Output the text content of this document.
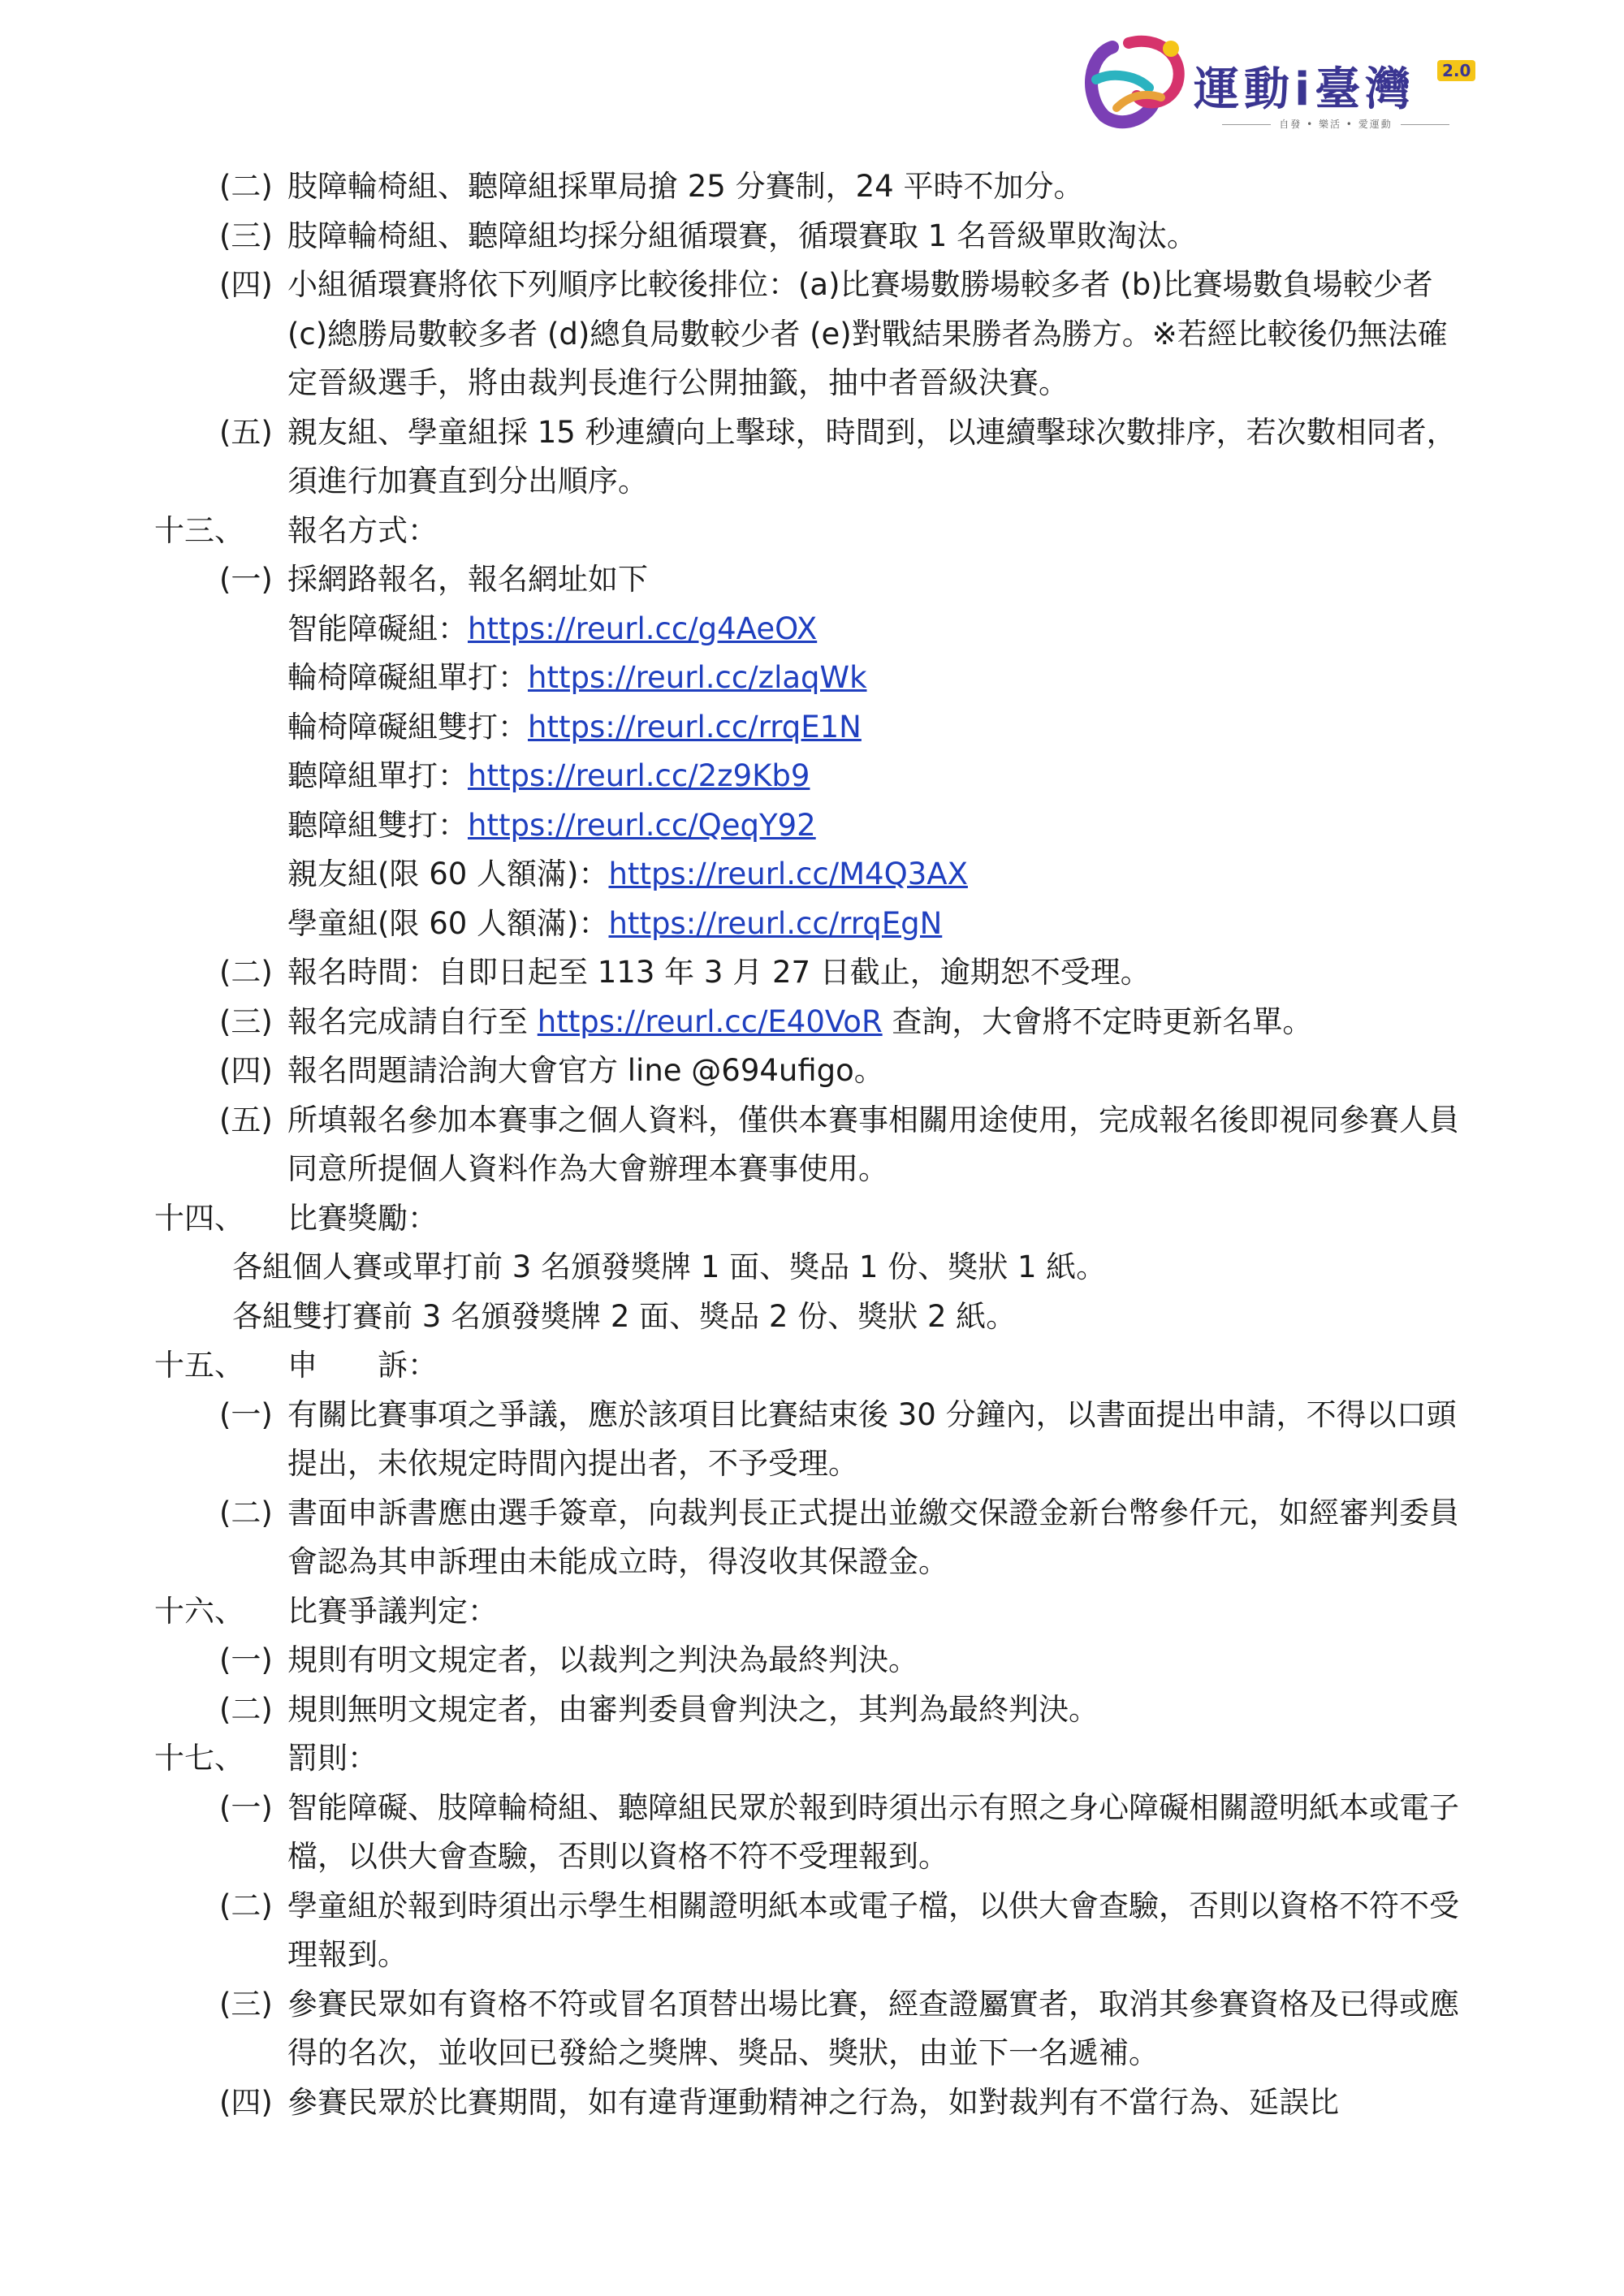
運動i臺灣	2.0
自發 • 樂活 • 愛運動
(二) 肢障輪椅組、聽障組採單局搶 25 分賽制，24 平時不加分。
(三) 肢障輪椅組、聽障組均採分組循環賽，循環賽取 1 名晉級單敗淘汰。
(四) 小組循環賽將依下列順序比較後排位：(a)比賽場數勝場較多者 (b)比賽場數負場較少者 (c)總勝局數較多者 (d)總負局數較少者 (e)對戰結果勝者為勝方。※若經比較後仍無法確定晉級選手，將由裁判長進行公開抽籤，抽中者晉級決賽。
(五) 親友組、學童組採 15 秒連續向上擊球，時間到，以連續擊球次數排序，若次數相同者，須進行加賽直到分出順序。
十三、 報名方式：
(一) 採網路報名，報名網址如下
智能障礙組：https://reurl.cc/g4AeOX
輪椅障礙組單打：https://reurl.cc/zlaqWk
輪椅障礙組雙打：https://reurl.cc/rrqE1N
聽障組單打：https://reurl.cc/2z9Kb9
聽障組雙打：https://reurl.cc/QeqY92
親友組(限 60 人額滿)：https://reurl.cc/M4Q3AX
學童組(限 60 人額滿)：https://reurl.cc/rrqEgN
(二) 報名時間：自即日起至 113 年 3 月 27 日截止，逾期恕不受理。
(三) 報名完成請自行至 https://reurl.cc/E40VoR 查詢，大會將不定時更新名單。
(四) 報名問題請洽詢大會官方 line @694ufigo。
(五) 所填報名參加本賽事之個人資料，僅供本賽事相關用途使用，完成報名後即視同參賽人員同意所提個人資料作為大會辦理本賽事使用。
十四、 比賽獎勵：
各組個人賽或單打前 3 名頒發獎牌 1 面、獎品 1 份、獎狀 1 紙。
各組雙打賽前 3 名頒發獎牌 2 面、獎品 2 份、獎狀 2 紙。
十五、 申　　訴：
(一) 有關比賽事項之爭議，應於該項目比賽結束後 30 分鐘內，以書面提出申請，不得以口頭提出，未依規定時間內提出者，不予受理。
(二) 書面申訴書應由選手簽章，向裁判長正式提出並繳交保證金新台幣參仟元，如經審判委員會認為其申訴理由未能成立時，得沒收其保證金。
十六、 比賽爭議判定：
(一) 規則有明文規定者，以裁判之判決為最終判決。
(二) 規則無明文規定者，由審判委員會判決之，其判為最終判決。
十七、 罰則：
(一) 智能障礙、肢障輪椅組、聽障組民眾於報到時須出示有照之身心障礙相關證明紙本或電子檔，以供大會查驗，否則以資格不符不受理報到。
(二) 學童組於報到時須出示學生相關證明紙本或電子檔，以供大會查驗，否則以資格不符不受理報到。
(三) 參賽民眾如有資格不符或冒名頂替出場比賽，經查證屬實者，取消其參賽資格及已得或應得的名次，並收回已發給之獎牌、獎品、獎狀，由並下一名遞補。
(四) 參賽民眾於比賽期間，如有違背運動精神之行為，如對裁判有不當行為、延誤比
